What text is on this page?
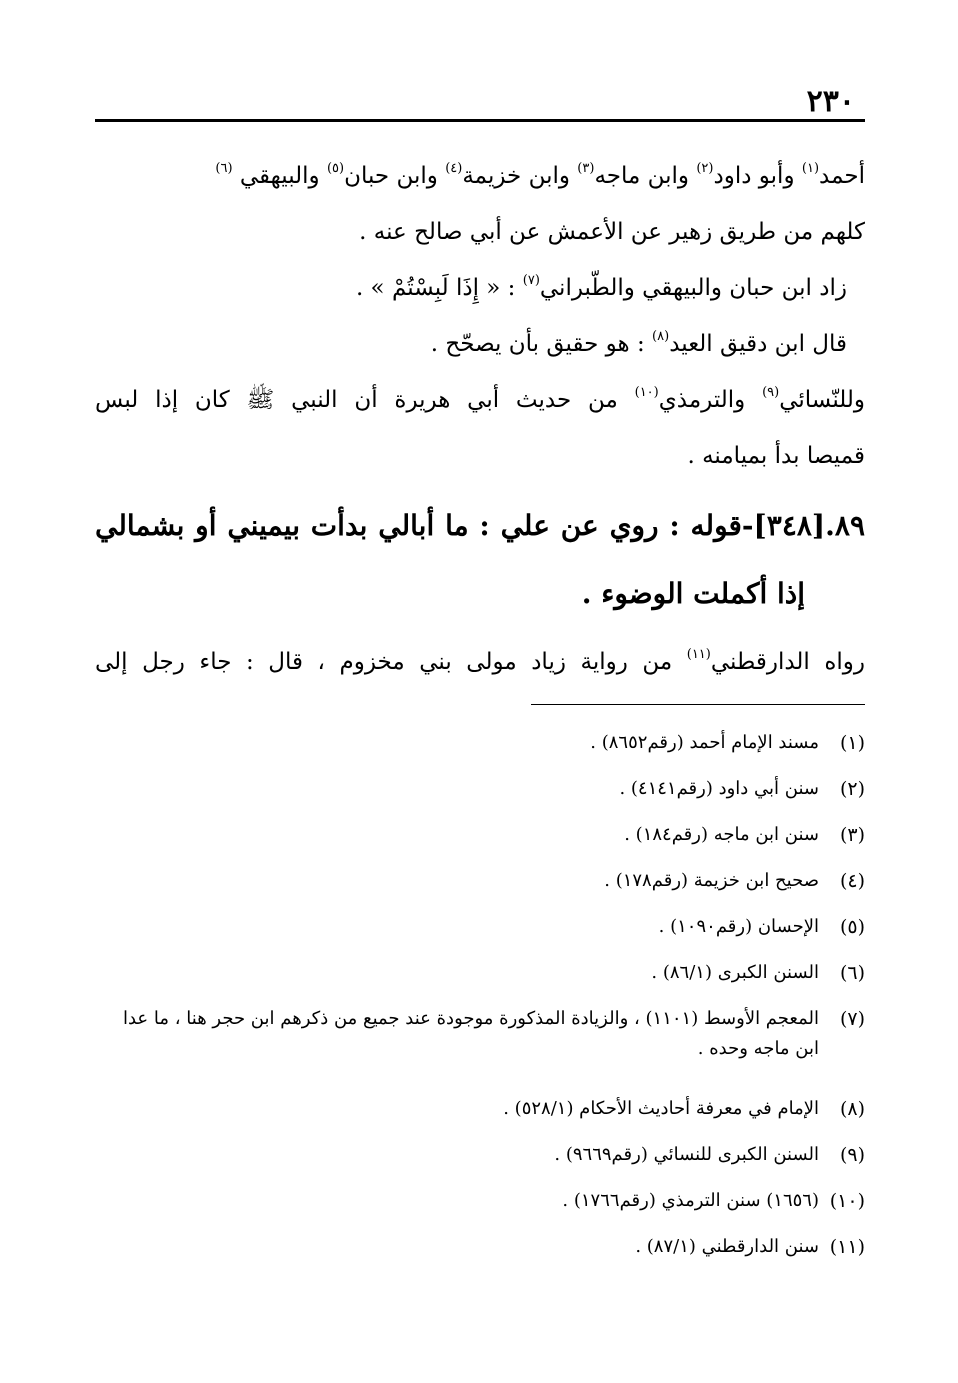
٢٣٠
أحمد$^{(١)}$ وأبو داود$^{(٢)}$ وابن ماجه$^{(٣)}$ وابن خزيمة$^{(٤)}$ وابن حبان$^{(٥)}$ والبيهقي $^{(٦)}$
كلهم من طريق زهير عن الأعمش عن أبي صالح عنه .
زاد ابن حبان والبيهقي والطّبراني$^{(٧)}$ : « إِذَا لَبِسْتُمْ » .
قال ابن دقيق العيد$^{(٨)}$ : هو حقيق بأن يصحّح .
وللنّسائي$^{(٩)}$ والترمذي$^{(١٠)}$ من حديث أبي هريرة أن النبي ﷺ كان إذا لبس
قميصا بدأ بميامنه .
٨٩.[٣٤٨]-قوله : روي عن علي : ما أبالي بدأت بيميني أو بشمالي
إذا أكملت الوضوء .
رواه الدارقطني$^{(١١)}$ من رواية زياد مولى بني مخزوم ، قال : جاء رجل إلى
(١)
مسند الإمام أحمد (رقم٨٦٥٢) .
(٢)
سنن أبي داود (رقم٤١٤١) .
(٣)
سنن ابن ماجه (رقم١٨٤) .
(٤)
صحيح ابن خزيمة (رقم١٧٨) .
(٥)
الإحسان (رقم١٠٩٠) .
(٦)
السنن الكبرى (٨٦/١) .
(٧)
المعجم الأوسط (١١٠١) ، والزيادة المذكورة موجودة عند جميع من ذكرهم ابن حجر هنا ، ما عدا ابن ماجه وحده .
(٨)
الإمام في معرفة أحاديث الأحكام (٥٢٨/١) .
(٩)
السنن الكبرى للنسائي (رقم٩٦٦٩) .
(١٠)
(١٦٥٦) سنن الترمذي (رقم١٧٦٦) .
(١١)
سنن الدارقطني (٨٧/١) .
